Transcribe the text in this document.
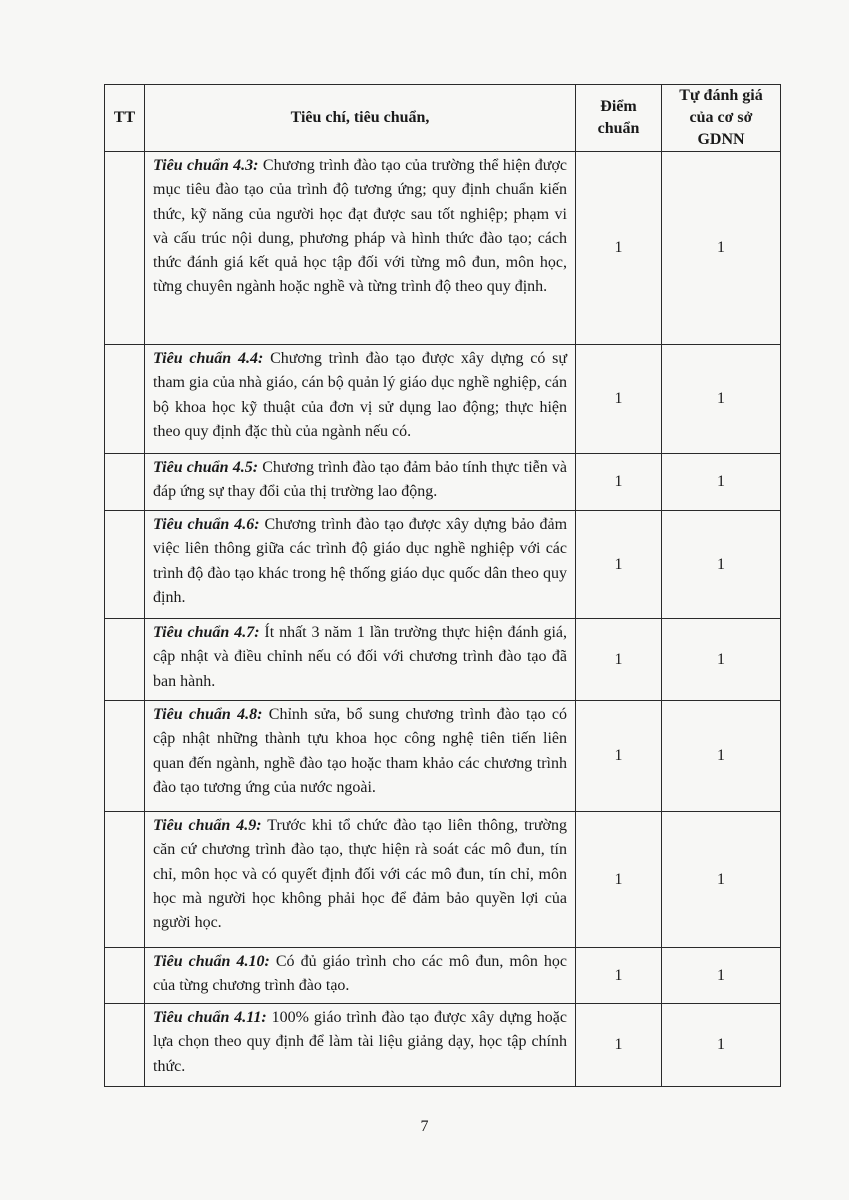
TT	Tiêu chí, tiêu chuẩn,	Điểm chuẩn	Tự đánh giá của cơ sở GDNN
	Tiêu chuẩn 4.3: Chương trình đào tạo của trường thể hiện được mục tiêu đào tạo của trình độ tương ứng; quy định chuẩn kiến thức, kỹ năng của người học đạt được sau tốt nghiệp; phạm vi và cấu trúc nội dung, phương pháp và hình thức đào tạo; cách thức đánh giá kết quả học tập đối với từng mô đun, môn học, từng chuyên ngành hoặc nghề và từng trình độ theo quy định.	1	1
	Tiêu chuẩn 4.4: Chương trình đào tạo được xây dựng có sự tham gia của nhà giáo, cán bộ quản lý giáo dục nghề nghiệp, cán bộ khoa học kỹ thuật của đơn vị sử dụng lao động; thực hiện theo quy định đặc thù của ngành nếu có.	1	1
	Tiêu chuẩn 4.5: Chương trình đào tạo đảm bảo tính thực tiễn và đáp ứng sự thay đổi của thị trường lao động.	1	1
	Tiêu chuẩn 4.6: Chương trình đào tạo được xây dựng bảo đảm việc liên thông giữa các trình độ giáo dục nghề nghiệp với các trình độ đào tạo khác trong hệ thống giáo dục quốc dân theo quy định.	1	1
	Tiêu chuẩn 4.7: Ít nhất 3 năm 1 lần trường thực hiện đánh giá, cập nhật và điều chỉnh nếu có đối với chương trình đào tạo đã ban hành.	1	1
	Tiêu chuẩn 4.8: Chỉnh sửa, bổ sung chương trình đào tạo có cập nhật những thành tựu khoa học công nghệ tiên tiến liên quan đến ngành, nghề đào tạo hoặc tham khảo các chương trình đào tạo tương ứng của nước ngoài.	1	1
	Tiêu chuẩn 4.9: Trước khi tổ chức đào tạo liên thông, trường căn cứ chương trình đào tạo, thực hiện rà soát các mô đun, tín chỉ, môn học và có quyết định đối với các mô đun, tín chỉ, môn học mà người học không phải học để đảm bảo quyền lợi của người học.	1	1
	Tiêu chuẩn 4.10: Có đủ giáo trình cho các mô đun, môn học của từng chương trình đào tạo.	1	1
	Tiêu chuẩn 4.11: 100% giáo trình đào tạo được xây dựng hoặc lựa chọn theo quy định để làm tài liệu giảng dạy, học tập chính thức.	1	1
7
